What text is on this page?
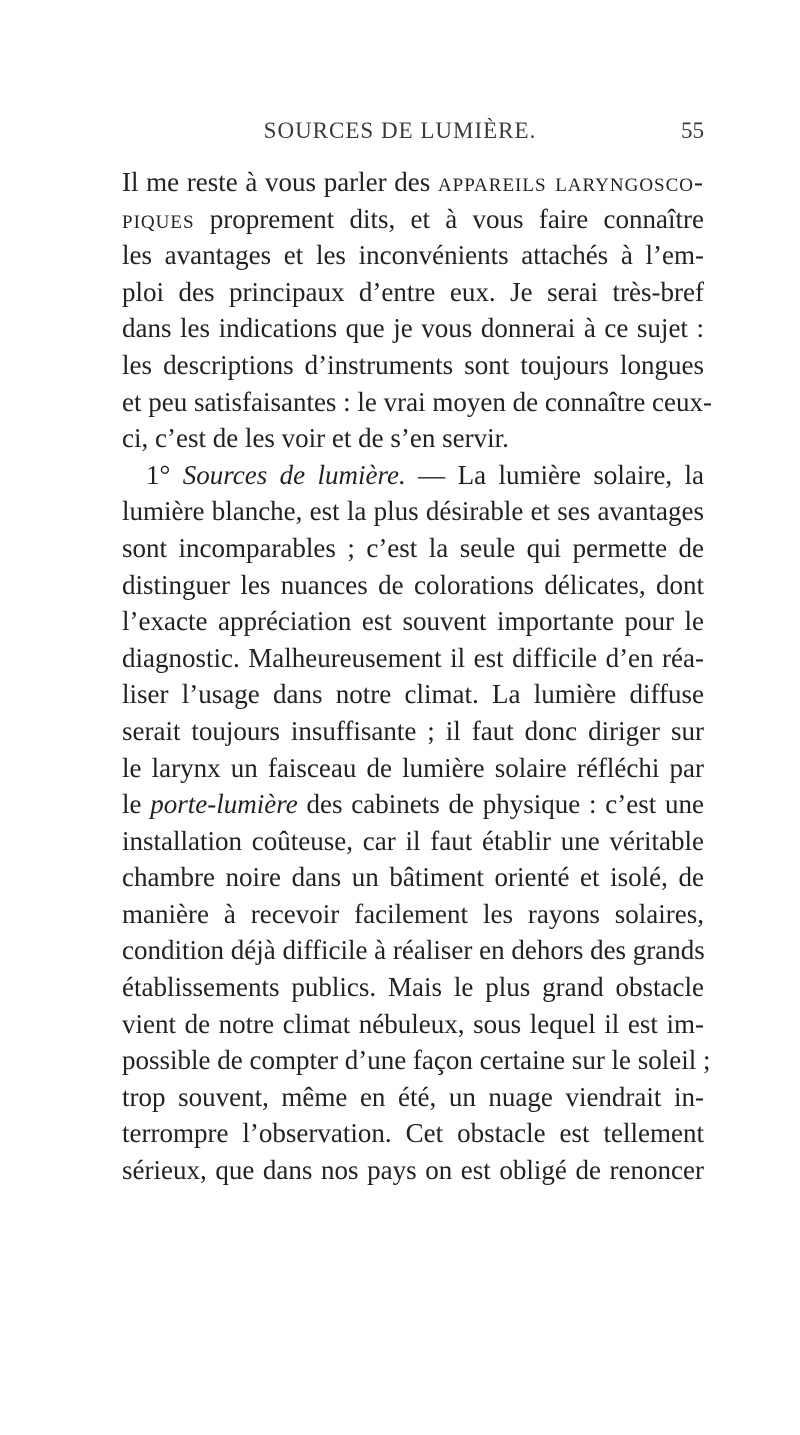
SOURCES DE LUMIÈRE.	55
Il me reste à vous parler des appareils laryngosco-
piques proprement dits, et à vous faire connaître
les avantages et les inconvénients attachés à l’em-
ploi des principaux d’entre eux. Je serai très-bref
dans les indications que je vous donnerai à ce sujet :
les descriptions d’instruments sont toujours longues
et peu satisfaisantes : le vrai moyen de connaître ceux-
ci, c’est de les voir et de s’en servir.
1° Sources de lumière. — La lumière solaire, la
lumière blanche, est la plus désirable et ses avantages
sont incomparables ; c’est la seule qui permette de
distinguer les nuances de colorations délicates, dont
l’exacte appréciation est souvent importante pour le
diagnostic. Malheureusement il est difficile d’en réa-
liser l’usage dans notre climat. La lumière diffuse
serait toujours insuffisante ; il faut donc diriger sur
le larynx un faisceau de lumière solaire réfléchi par
le porte-lumière des cabinets de physique : c’est une
installation coûteuse, car il faut établir une véritable
chambre noire dans un bâtiment orienté et isolé, de
manière à recevoir facilement les rayons solaires,
condition déjà difficile à réaliser en dehors des grands
établissements publics. Mais le plus grand obstacle
vient de notre climat nébuleux, sous lequel il est im-
possible de compter d’une façon certaine sur le soleil ;
trop souvent, même en été, un nuage viendrait in-
terrompre l’observation. Cet obstacle est tellement
sérieux, que dans nos pays on est obligé de renoncer
